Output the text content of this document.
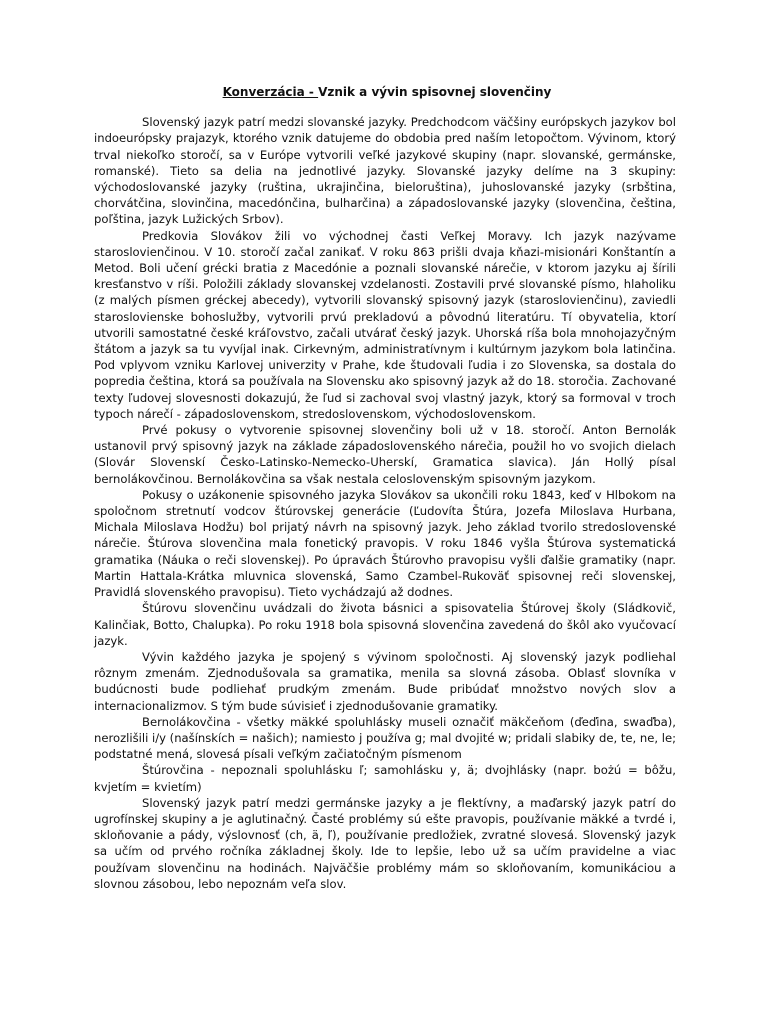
Konverzácia - Vznik a vývin spisovnej slovenčiny

Slovenský jazyk patrí medzi slovanské jazyky. Predchodcom väčšiny európskych jazykov bol indoeurópsky prajazyk, ktorého vznik datujeme do obdobia pred naším letopočtom. Vývinom, ktorý trval niekoľko storočí, sa v Európe vytvorili veľké jazykové skupiny (napr. slovanské, germánske, romanské). Tieto sa delia na jednotlivé jazyky. Slovanské jazyky delíme na 3 skupiny: východoslovanské jazyky (ruština, ukrajinčina, bieloruština), juhoslovanské jazyky (srbština, chorvátčina, slovinčina, macedónčina, bulharčina) a západoslovanské jazyky (slovenčina, čeština, poľština, jazyk Lužických Srbov).

Predkovia Slovákov žili vo východnej časti Veľkej Moravy. Ich jazyk nazývame staroslovienčinou. V 10. storočí začal zanikať. V roku 863 prišli dvaja kňazi-misionári Konštantín a Metod. Boli učení grécki bratia z Macedónie a poznali slovanské nárečie, v ktorom jazyku aj šírili kresťanstvo v ríši. Položili základy slovanskej vzdelanosti. Zostavili prvé slovanské písmo, hlaholiku (z malých písmen gréckej abecedy), vytvorili slovanský spisovný jazyk (staroslovienčinu), zaviedli staroslovienske bohoslužby, vytvorili prvú prekladovú a pôvodnú literatúru. Tí obyvatelia, ktorí utvorili samostatné české kráľovstvo, začali utvárať český jazyk. Uhorská ríša bola mnohojazyčným štátom a jazyk sa tu vyvíjal inak. Cirkevným, administratívnym i kultúrnym jazykom bola latinčina. Pod vplyvom vzniku Karlovej univerzity v Prahe, kde študovali ľudia i zo Slovenska, sa dostala do popredia čeština, ktorá sa používala na Slovensku ako spisovný jazyk až do 18. storočia. Zachované texty ľudovej slovesnosti dokazujú, že ľud si zachoval svoj vlastný jazyk, ktorý sa formoval v troch typoch nárečí - západoslovenskom, stredoslovenskom, východoslovenskom.

Prvé pokusy o vytvorenie spisovnej slovenčiny boli už v 18. storočí. Anton Bernolák ustanovil prvý spisovný jazyk na základe západoslovenského nárečia, použil ho vo svojich dielach (Slovár Slovenskí Česko-Latinsko-Nemecko-Uherskí, Gramatica slavica). Ján Hollý písal bernolákovčinou. Bernolákovčina sa však nestala celoslovenským spisovným jazykom.

Pokusy o uzákonenie spisovného jazyka Slovákov sa ukončili roku 1843, keď v Hlbokom na spoločnom stretnutí vodcov štúrovskej generácie (Ľudovíta Štúra, Jozefa Miloslava Hurbana, Michala Miloslava Hodžu) bol prijatý návrh na spisovný jazyk. Jeho základ tvorilo stredoslovenské nárečie. Štúrova slovenčina mala fonetický pravopis. V roku 1846 vyšla Štúrova systematická gramatika (Náuka o reči slovenskej). Po úpravách Štúrovho pravopisu vyšli ďalšie gramatiky (napr. Martin Hattala-Krátka mluvnica slovenská, Samo Czambel-Rukoväť spisovnej reči slovenskej, Pravidlá slovenského pravopisu). Tieto vychádzajú až dodnes.

Štúrovu slovenčinu uvádzali do života básnici a spisovatelia Štúrovej školy (Sládkovič, Kalinčiak, Botto, Chalupka). Po roku 1918 bola spisovná slovenčina zavedená do škôl ako vyučovací jazyk.

Vývin každého jazyka je spojený s vývinom spoločnosti. Aj slovenský jazyk podliehal rôznym zmenám. Zjednodušovala sa gramatika, menila sa slovná zásoba. Oblasť slovníka v budúcnosti bude podliehať prudkým zmenám. Bude pribúdať množstvo nových slov a internacionalizmov. S tým bude súvisieť i zjednodušovanie gramatiky.

Bernolákovčina - všetky mäkké spoluhlásky museli označiť mäkčeňom (ďeďina, swaďba), nerozlišili i/y (našínskích = našich); namiesto j používa g; mal dvojité w; pridali slabiky de, te, ne, le; podstatné mená, slovesá písali veľkým začiatočným písmenom

Štúrovčina - nepoznali spoluhlásku ľ; samohlásku y, ä; dvojhlásky (napr. bożú = bôžu, kvjetím = kvietím)

Slovenský jazyk patrí medzi germánske jazyky a je flektívny, a maďarský jazyk patrí do ugrofínskej skupiny a je aglutinačný. Časté problémy sú ešte pravopis, používanie mäkké a tvrdé i, skloňovanie a pády, výslovnosť (ch, ä, ľ), používanie predložiek, zvratné slovesá. Slovenský jazyk sa učím od prvého ročníka základnej školy. Ide to lepšie, lebo už sa učím pravidelne a viac používam slovenčinu na hodinách. Najväčšie problémy mám so skloňovaním, komunikáciou a slovnou zásobou, lebo nepoznám veľa slov.
